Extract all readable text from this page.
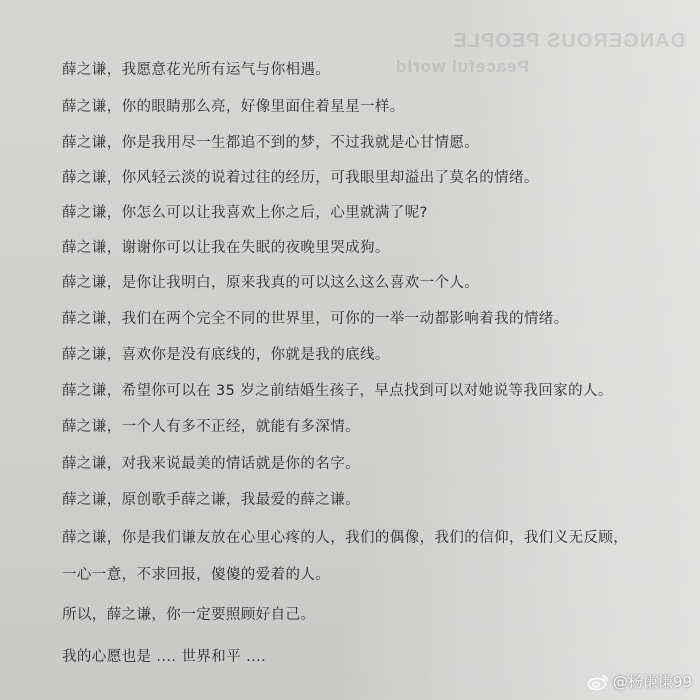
DANGEROUS PEOPLE
Peaceful world
薛之谦，我愿意花光所有运气与你相遇。
薛之谦，你的眼睛那么亮，好像里面住着星星一样。
薛之谦，你是我用尽一生都追不到的梦，不过我就是心甘情愿。
薛之谦，你风轻云淡的说着过往的经历，可我眼里却溢出了莫名的情绪。
薛之谦，你怎么可以让我喜欢上你之后，心里就满了呢?
薛之谦，谢谢你可以让我在失眠的夜晚里哭成狗。
薛之谦，是你让我明白，原来我真的可以这么这么喜欢一个人。
薛之谦，我们在两个完全不同的世界里，可你的一举一动都影响着我的情绪。
薛之谦，喜欢你是没有底线的，你就是我的底线。
薛之谦，希望你可以在 35 岁之前结婚生孩子，早点找到可以对她说等我回家的人。
薛之谦，一个人有多不正经，就能有多深情。
薛之谦，对我来说最美的情话就是你的名字。
薛之谦，原创歌手薛之谦，我最爱的薛之谦。
薛之谦，你是我们谦友放在心里心疼的人，我们的偶像，我们的信仰，我们义无反顾，
一心一意，不求回报，傻傻的爱着的人。
所以，薛之谦，你一定要照顾好自己。
我的心愿也是 .... 世界和平 ....
@杨谦谦99
